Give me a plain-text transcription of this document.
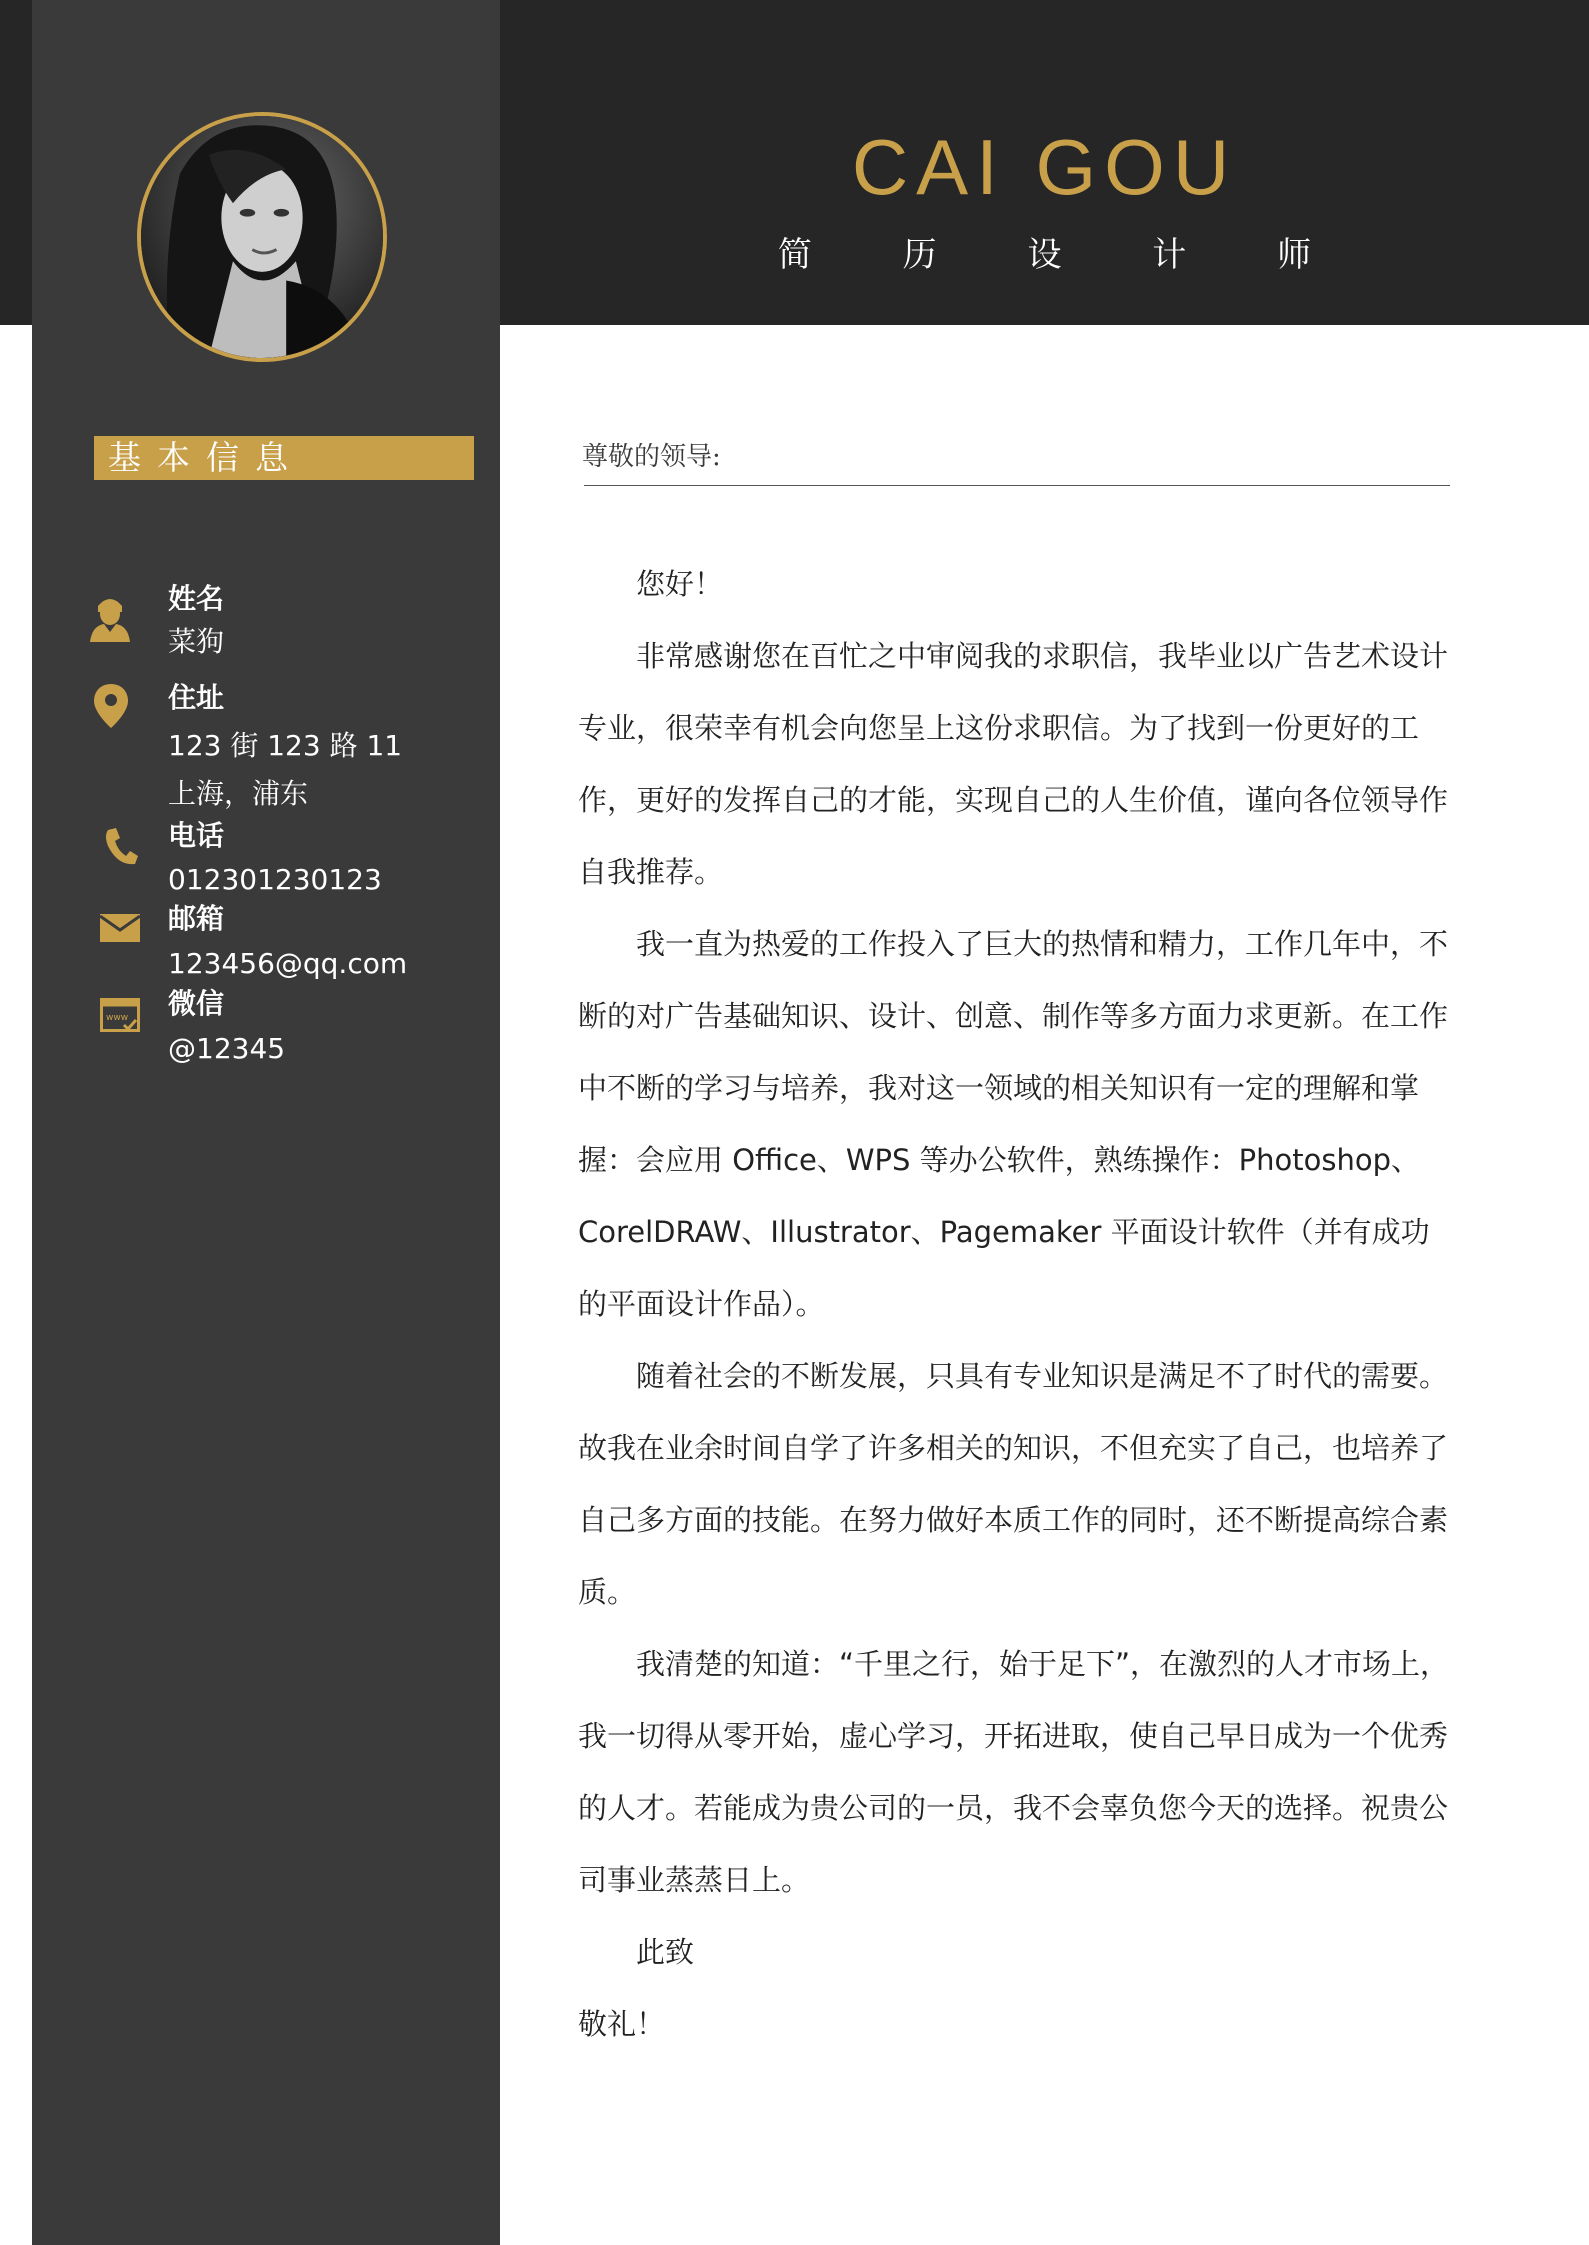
CAI GOU
简 历 设 计 师
基本信息
姓名
菜狗
住址
123 街 123 路 11
上海，浦东
电话
012301230123
邮箱
123456@qq.com
www 微信
@12345
尊敬的领导:

您好！

非常感谢您在百忙之中审阅我的求职信，我毕业以广告艺术设计专业，很荣幸有机会向您呈上这份求职信。为了找到一份更好的工作，更好的发挥自己的才能，实现自己的人生价值，谨向各位领导作自我推荐。

我一直为热爱的工作投入了巨大的热情和精力，工作几年中，不断的对广告基础知识、设计、创意、制作等多方面力求更新。在工作中不断的学习与培养，我对这一领域的相关知识有一定的理解和掌握：会应用 Office、WPS 等办公软件，熟练操作：Photoshop、CorelDRAW、Illustrator、Pagemaker 平面设计软件（并有成功的平面设计作品）。

随着社会的不断发展，只具有专业知识是满足不了时代的需要。故我在业余时间自学了许多相关的知识，不但充实了自己，也培养了自己多方面的技能。在努力做好本质工作的同时，还不断提高综合素质。

我清楚的知道：“千里之行，始于足下”，在激烈的人才市场上，我一切得从零开始，虚心学习，开拓进取，使自己早日成为一个优秀的人才。若能成为贵公司的一员，我不会辜负您今天的选择。祝贵公司事业蒸蒸日上。

此致

敬礼！
